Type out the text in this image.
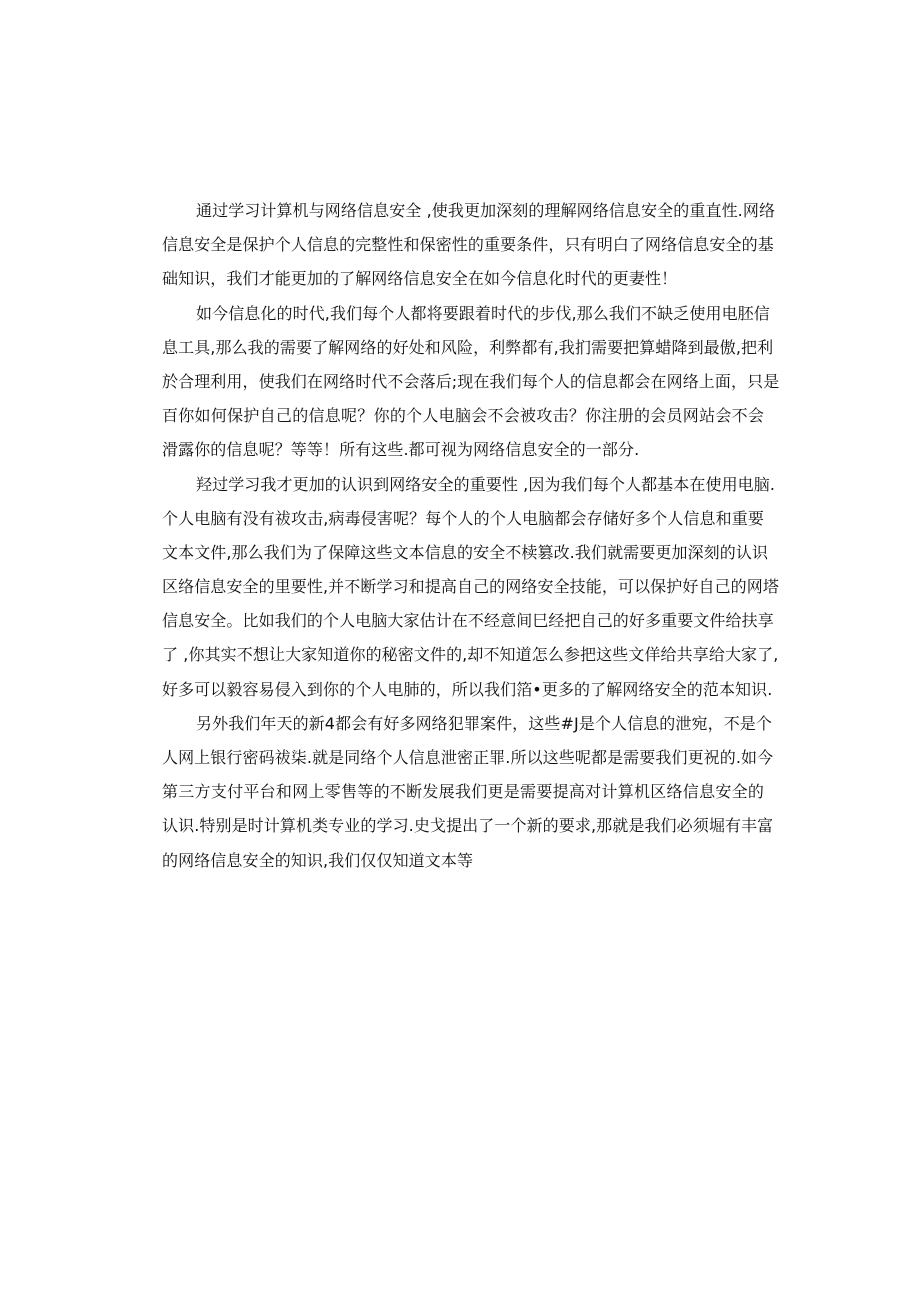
通过学习计算机与网络信息安全 ,使我更加深刻的理解网络信息安全的重直性.网络
信息安全是保护个人信息的完整性和保密性的重要条件，只有明白了网络信息安全的基
础知识，我们才能更加的了解网络信息安全在如今信息化时代的更妻性！
如今信息化的时代,我们每个人都将要跟着时代的步伐,那么我们不缺乏使用电胚信
息工具,那么我的需要了解网络的好处和风险，利弊都有,我扪需要把算蜡降到最傲,把利
於合理利用，使我们在网络时代不会落后;现在我们每个人的信息都会在网络上面，只是
百你如何保护自己的信息呢？你的个人电脑会不会被攻击？你注册的会员网站会不会
滑露你的信息呢？等等！所有这些.都可视为网络信息安全的一部分.
羟过学习我才更加的认识到网络安全的重要性 ,因为我们每个人都基本在使用电脑.
个人电脑有没有祓攻击,病毒侵害呢？每个人的个人电脑都会存储好多个人信息和重要
文本文件,那么我们为了保障这些文本信息的安全不椟篡改.我们就需要更加深刻的认识
区络信息安全的里要性,并不断学习和提高自己的网络安全技能，可以保护好自己的网塔
信息安全。比如我们的个人电脑大家估计在不经意间巳经把自己的好多重要文件给扶享
了 ,你其实不想让大家知道你的秘密文件的,却不知道怎么参把这些文佯给共享给大家了,
好多可以毅容易侵入到你的个人电肺的，所以我们箔•更多的了解网络安全的范本知识.
另外我们年天的新4都会有好多网络犯罪案件，这些#J是个人信息的泄宛，不是个
人网上银行密码祓柒.就是同络个人信息泄密正罪.所以这些呢都是需要我们更祝的.如今
第三方支付平台和网上零售等的不断发展我们更是需要提高对计算机区络信息安全的
认识.特别是时计算机类专业的学习.史戈提出了一个新的要求,那就是我们必须堀有丰富
的网络信息安全的知识,我们仅仅知道文本等
